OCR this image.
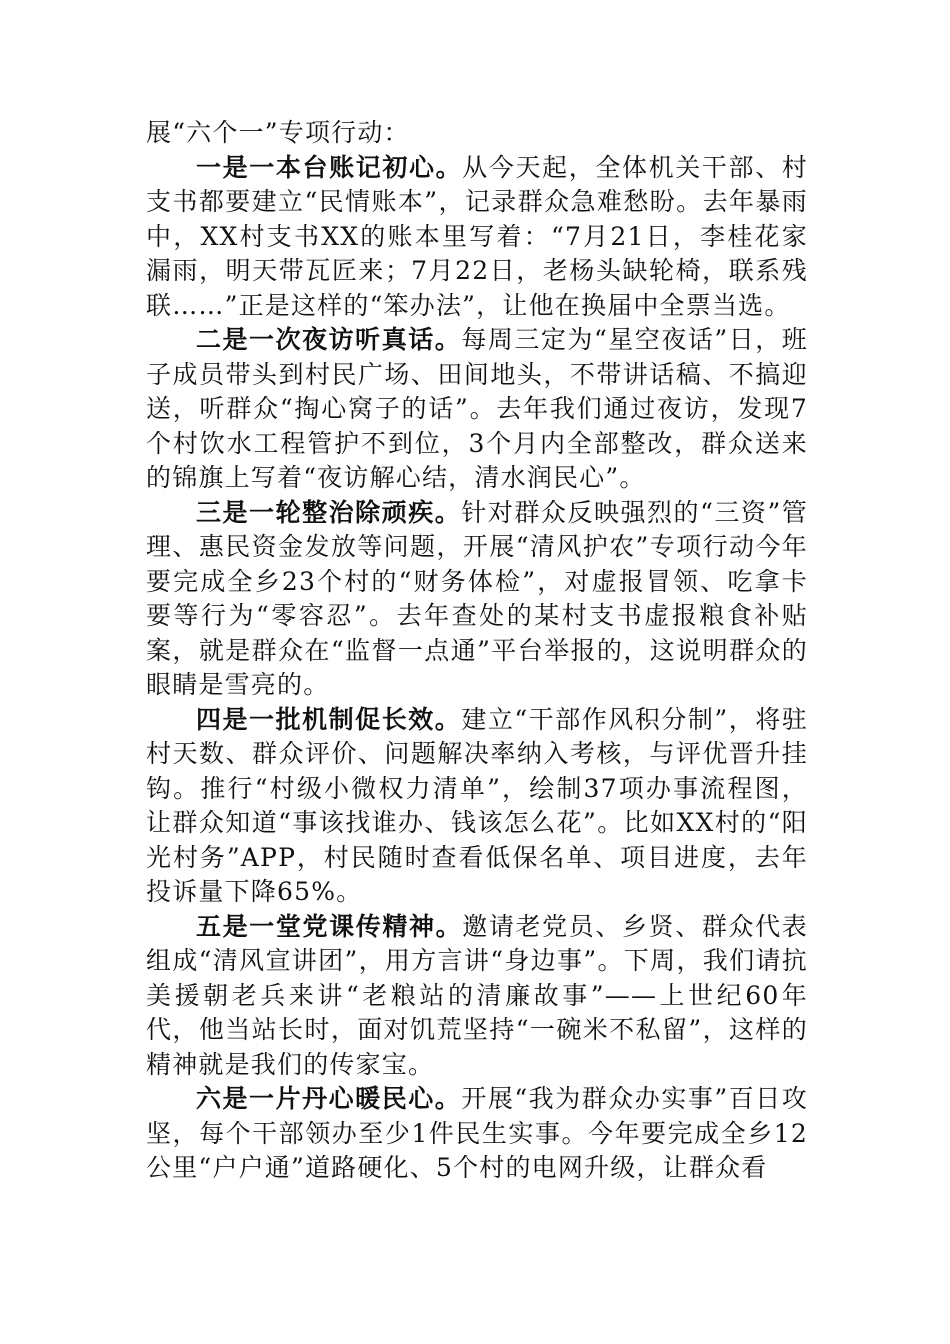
展“六个一”专项行动：

一是一本台账记初心。从今天起，全体机关干部、村支书都要建立“民情账本”，记录群众急难愁盼。去年暴雨中，XX村支书XX的账本里写着：“7月21日，李桂花家漏雨，明天带瓦匠来；7月22日，老杨头缺轮椅，联系残联……”正是这样的“笨办法”，让他在换届中全票当选。

二是一次夜访听真话。每周三定为“星空夜话”日，班子成员带头到村民广场、田间地头，不带讲话稿、不搞迎送，听群众“掏心窝子的话”。去年我们通过夜访，发现7个村饮水工程管护不到位，3个月内全部整改，群众送来的锦旗上写着“夜访解心结，清水润民心”。

三是一轮整治除顽疾。针对群众反映强烈的“三资”管理、惠民资金发放等问题，开展“清风护农”专项行动今年要完成全乡23个村的“财务体检”，对虚报冒领、吃拿卡要等行为“零容忍”。去年查处的某村支书虚报粮食补贴案，就是群众在“监督一点通”平台举报的，这说明群众的眼睛是雪亮的。

四是一批机制促长效。建立“干部作风积分制”，将驻村天数、群众评价、问题解决率纳入考核，与评优晋升挂钩。推行“村级小微权力清单”，绘制37项办事流程图，让群众知道“事该找谁办、钱该怎么花”。比如XX村的“阳光村务”APP，村民随时查看低保名单、项目进度，去年投诉量下降65%。

五是一堂党课传精神。邀请老党员、乡贤、群众代表组成“清风宣讲团”，用方言讲“身边事”。下周，我们请抗美援朝老兵来讲“老粮站的清廉故事”——上世纪60年代，他当站长时，面对饥荒坚持“一碗米不私留”，这样的精神就是我们的传家宝。

六是一片丹心暖民心。开展“我为群众办实事”百日攻坚，每个干部领办至少1件民生实事。今年要完成全乡12公里“户户通”道路硬化、5个村的电网升级，让群众看
